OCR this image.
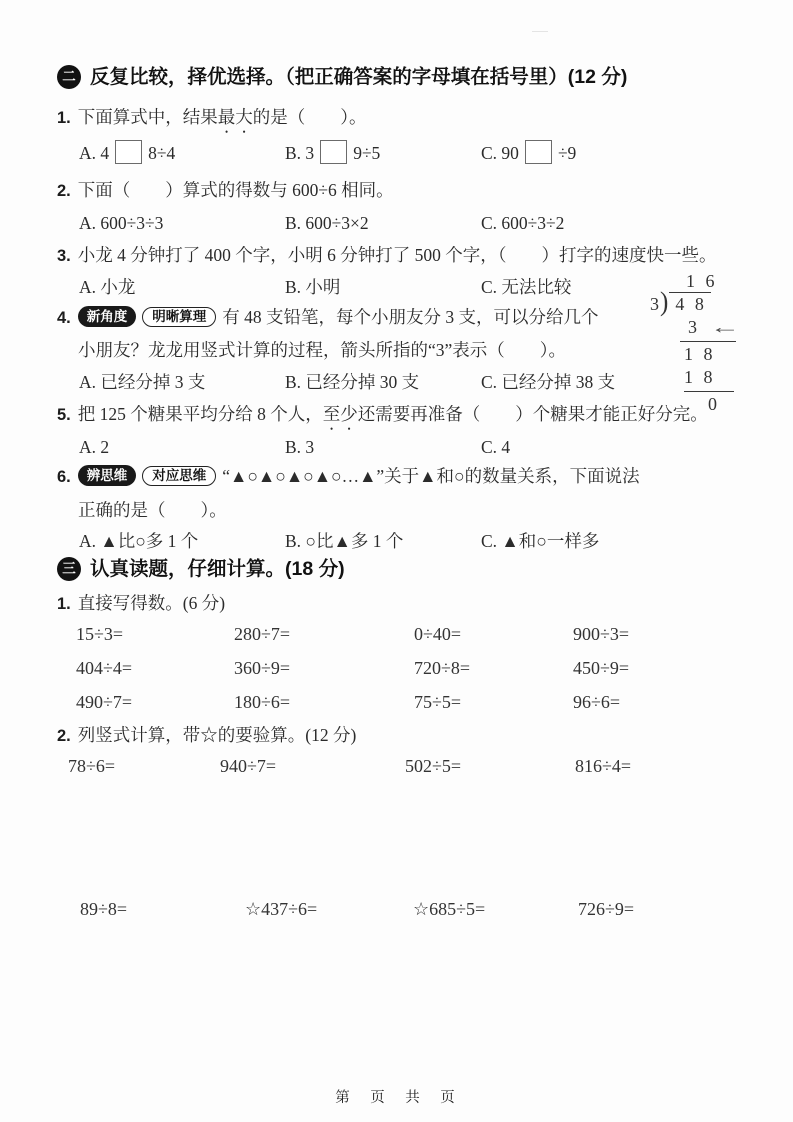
二 反复比较，择优选择。（把正确答案的字母填在括号里）(12 分)
1. 下面算式中，结果最大的是（　　）。
A. 4 8÷4	B. 3 9÷5	C. 90 ÷9
2. 下面（　　）算式的得数与 600÷6 相同。
A. 600÷3÷3	B. 600÷3×2	C. 600÷3÷2
3. 小龙 4 分钟打了 400 个字，小明 6 分钟打了 500 个字，（　　）打字的速度快一些。
A. 小龙	B. 小明	C. 无法比较	1 6
3 ) 4 8
3 ←
1 8
1 8
0
4. 新角度 明晰算理 有 48 支铅笔，每个小朋友分 3 支，可以分给几个
小朋友？龙龙用竖式计算的过程，箭头所指的“3”表示（　　）。
A. 已经分掉 3 支	B. 已经分掉 30 支	C. 已经分掉 38 支
5. 把 125 个糖果平均分给 8 个人，至少还需要再准备（　　）个糖果才能正好分完。
A. 2	B. 3	C. 4
6. 辨思维 对应思维 “▲○▲○▲○▲○…▲”关于▲和○的数量关系，下面说法
正确的是（　　）。
A. ▲比○多 1 个	B. ○比▲多 1 个	C. ▲和○一样多
三 认真读题，仔细计算。(18 分)
1. 直接写得数。(6 分)
15÷3=	280÷7=	0÷40=	900÷3=
404÷4=	360÷9=	720÷8=	450÷9=
490÷7=	180÷6=	75÷5=	96÷6=
2. 列竖式计算，带☆的要验算。(12 分)
78÷6=	940÷7=	502÷5=	816÷4=
89÷8=	☆437÷6=	☆685÷5=	726÷9=
第　页　共　页
